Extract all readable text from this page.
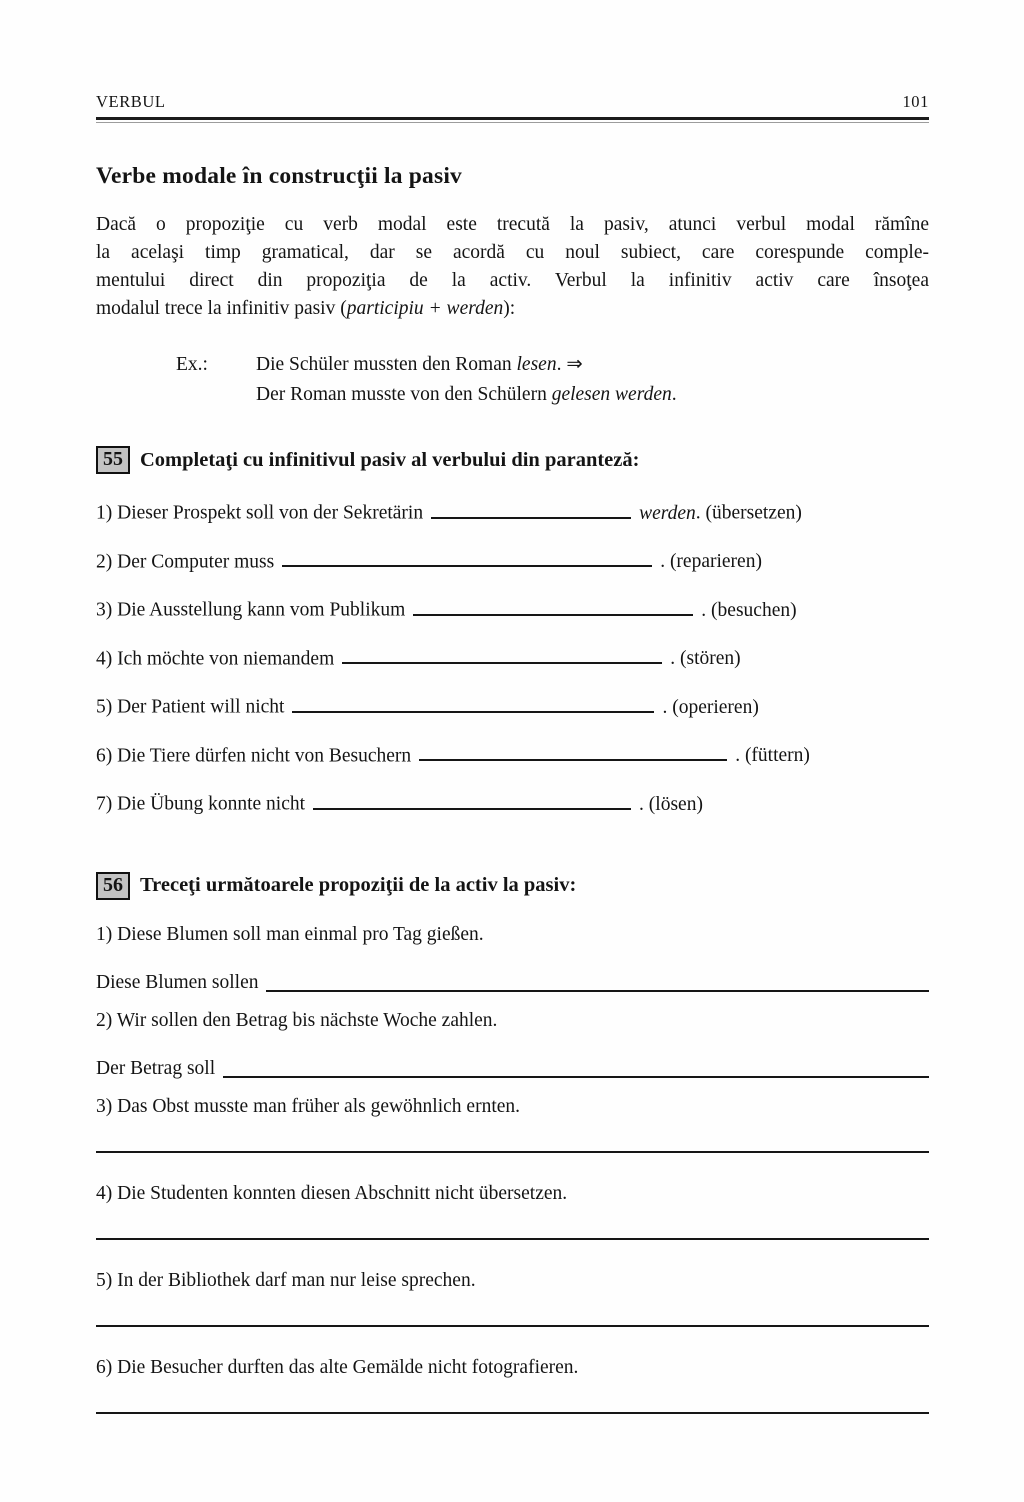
VERBUL	101
Verbe modale în construcţii la pasiv
Dacă o propoziţie cu verb modal este trecută la pasiv, atunci verbul modal rămîne
la acelaşi timp gramatical, dar se acordă cu noul subiect, care corespunde comple-
mentului direct din propoziţia de la activ. Verbul la infinitiv activ care însoţea
modalul trece la infinitiv pasiv (participiu + werden):
Ex.:	Die Schüler mussten den Roman lesen. ⇒
Der Roman musste von den Schülern gelesen werden.
55 Completaţi cu infinitivul pasiv al verbului din paranteză:
1) Dieser Prospekt soll von der Sekretärin	werden. (übersetzen)
2) Der Computer muss	. (reparieren)
3) Die Ausstellung kann vom Publikum	. (besuchen)
4) Ich möchte von niemandem	. (stören)
5) Der Patient will nicht	. (operieren)
6) Die Tiere dürfen nicht von Besuchern	. (füttern)
7) Die Übung konnte nicht	. (lösen)
56 Treceţi următoarele propoziţii de la activ la pasiv:
1) Diese Blumen soll man einmal pro Tag gießen.
Diese Blumen sollen
2) Wir sollen den Betrag bis nächste Woche zahlen.
Der Betrag soll
3) Das Obst musste man früher als gewöhnlich ernten.
4) Die Studenten konnten diesen Abschnitt nicht übersetzen.
5) In der Bibliothek darf man nur leise sprechen.
6) Die Besucher durften das alte Gemälde nicht fotografieren.
